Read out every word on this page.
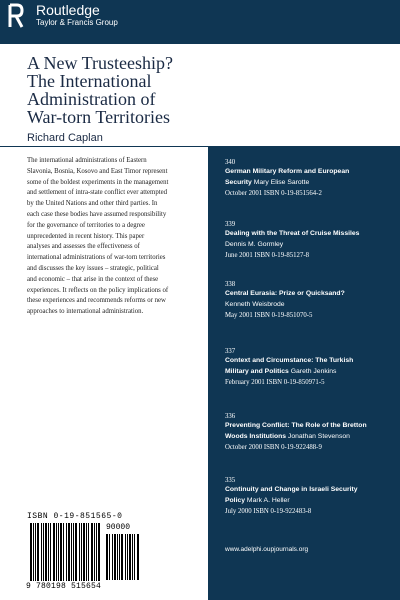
Routledge
Taylor & Francis Group
A New Trusteeship?
The International
Administration of
War-torn Territories
Richard Caplan
The international administrations of Eastern
Slavonia, Bosnia, Kosovo and East Timor represent
some of the boldest experiments in the management
and settlement of intra-state conflict ever attempted
by the United Nations and other third parties. In
each case these bodies have assumed responsibility
for the governance of territories to a degree
unprecedented in recent history. This paper
analyses and assesses the effectiveness of
international administrations of war-torn territories
and discusses the key issues – strategic, political
and economic – that arise in the context of these
experiences. It reflects on the policy implications of
these experiences and recommends reforms or new
approaches to international administration.
340
German Military Reform and European
Security Mary Elise Sarotte
October 2001 ISBN 0-19-851564-2
339
Dealing with the Threat of Cruise Missiles
Dennis M. Gormley
June 2001 ISBN 0-19-85127-8
338
Central Eurasia: Prize or Quicksand?
Kenneth Weisbrode
May 2001 ISBN 0-19-851070-5
337
Context and Circumstance: The Turkish
Military and Politics Gareth Jenkins
February 2001 ISBN 0-19-850971-5
336
Preventing Conflict: The Role of the Bretton
Woods Institutions Jonathan Stevenson
October 2000 ISBN 0-19-922488-9
335
Continuity and Change in Israeli Security
Policy Mark A. Heller
July 2000 ISBN 0-19-922483-8
www.adelphi.oupjournals.org
ISBN 0-19-851565-0
90000
9 780198 515654
